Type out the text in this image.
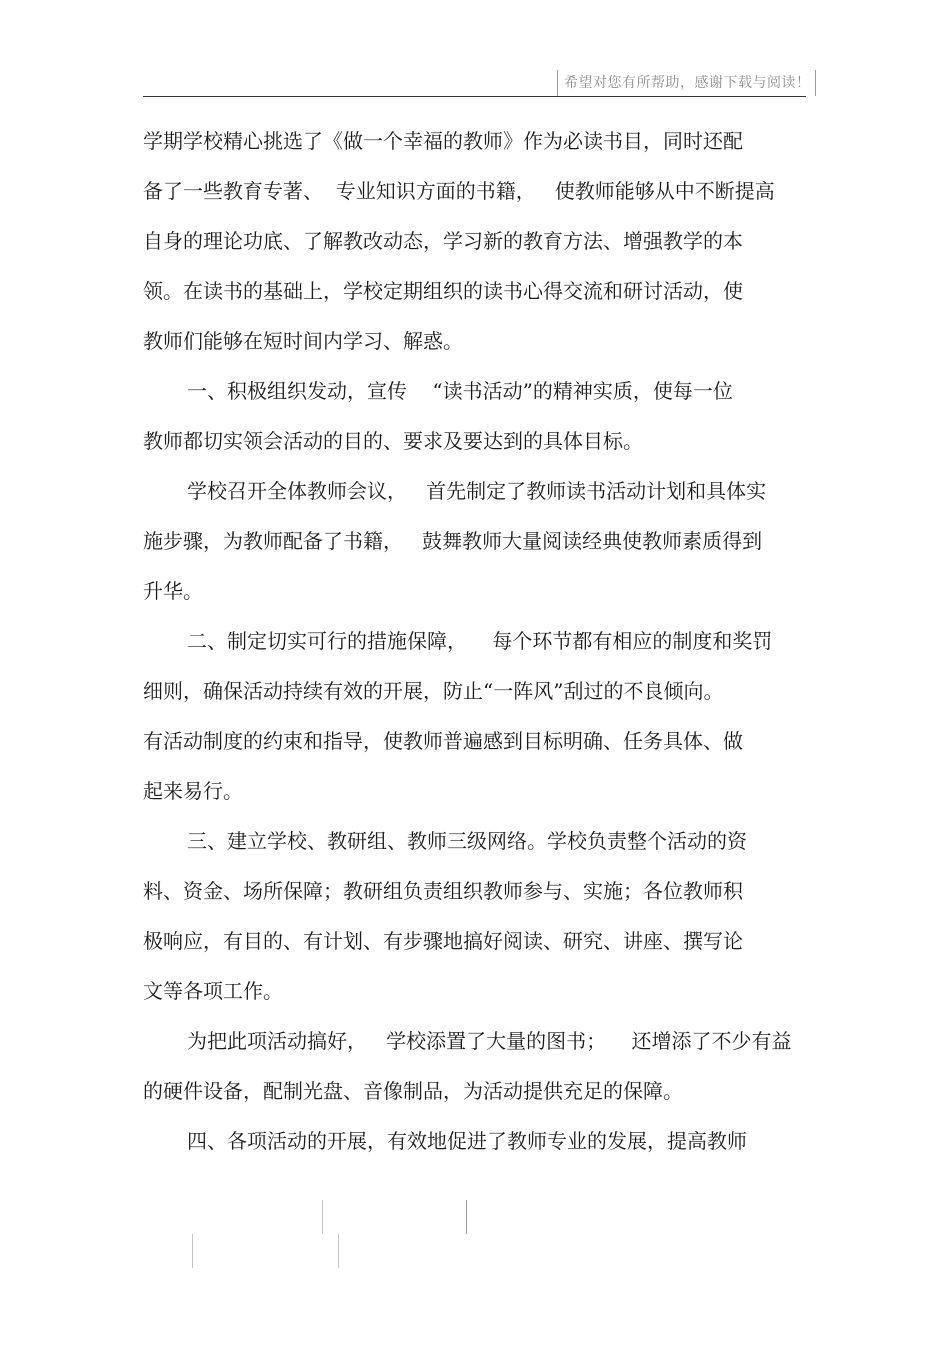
希望对您有所帮助，感谢下载与阅读！
学期学校精心挑选了《做一个幸福的教师》作为必读书目，同时还配
备了一些教育专著、  专业知识方面的书籍，   使教师能够从中不断提高
自身的理论功底、了解教改动态，学习新的教育方法、增强教学的本
领。在读书的基础上，学校定期组织的读书心得交流和研讨活动，使
教师们能够在短时间内学习、解惑。
一、积极组织发动，宣传    “读书活动”的精神实质，使每一位
教师都切实领会活动的目的、要求及要达到的具体目标。
学校召开全体教师会议，   首先制定了教师读书活动计划和具体实
施步骤，为教师配备了书籍，   鼓舞教师大量阅读经典使教师素质得到
升华。
二、制定切实可行的措施保障，    每个环节都有相应的制度和奖罚
细则，确保活动持续有效的开展，防止“一阵风”刮过的不良倾向。
有活动制度的约束和指导，使教师普遍感到目标明确、任务具体、做
起来易行。
三、建立学校、教研组、教师三级网络。学校负责整个活动的资
料、资金、场所保障；教研组负责组织教师参与、实施；各位教师积
极响应，有目的、有计划、有步骤地搞好阅读、研究、讲座、撰写论
文等各项工作。
为把此项活动搞好，   学校添置了大量的图书；    还增添了不少有益
的硬件设备，配制光盘、音像制品，为活动提供充足的保障。
四、各项活动的开展，有效地促进了教师专业的发展，提高教师
